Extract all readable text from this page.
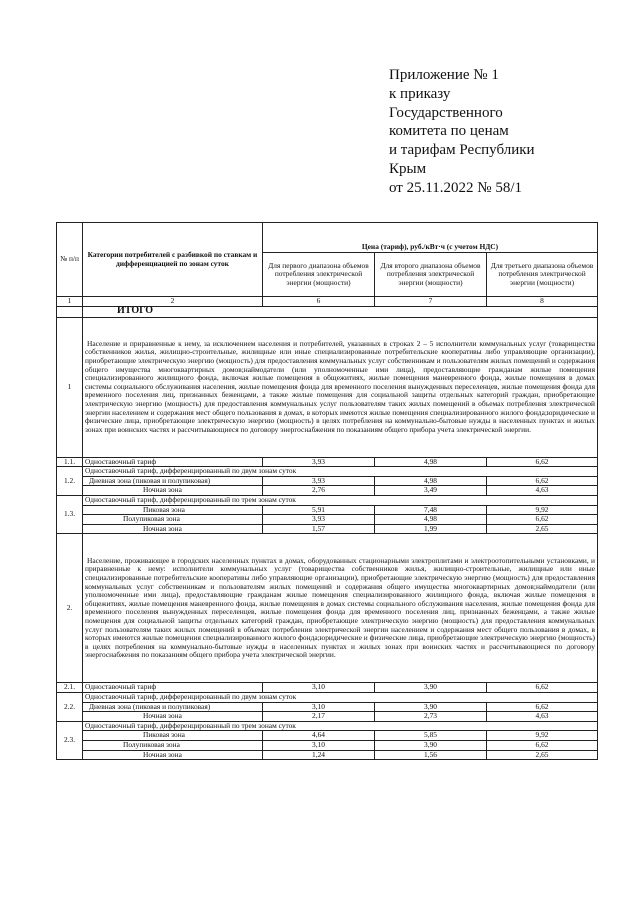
Приложение № 1
к приказу
Государственного
комитета по ценам
и тарифам Республики
Крым
от 25.11.2022 № 58/1
№ п/п	Категории потребителей с разбивкой по ставкам и дифференциацией по зонам суток	Цена (тариф), руб./кВт·ч (с учетом НДС)		
		Для первого диапазона объемов потребления электрической энергии (мощности)	Для второго диапазона объемов потребления электрической энергии (мощности)	Для третьего диапазона объемов потребления электрической энергии (мощности)
1	2	6	7	8
	ИТОГО			
1	Население и приравненные к нему, за исключением населения и потребителей, указанных в строках 2 – 5 исполнители коммунальных услуг (товарищества собственников жилья, жилищно-строительные, жилищные или иные специализированные потребительские кооперативы либо управляющие организации), приобретающие электрическую энергию (мощность) для предоставления коммунальных услуг собственникам и пользователям жилых помещений и содержания общего имущества многоквартирных домов;наймодатели (или уполномоченные ими лица), предоставляющие гражданам жилые помещения специализированного жилищного фонда, включая жилые помещения в общежитиях, жилые помещения маневренного фонда, жилые помещения в домах системы социального обслуживания населения, жилые помещения фонда для временного поселения вынужденных переселенцев, жилые помещения фонда для временного поселения лиц, признанных беженцами, а также жилые помещения для социальной защиты отдельных категорий граждан, приобретающие электрическую энергию (мощность) для предоставления коммунальных услуг пользователям таких жилых помещений в объемах потребления электрической энергии населением и содержания мест общего пользования в домах, в которых имеются жилые помещения специализированного жилого фонда;юридические и физические лица, приобретающие электрическую энергию (мощность) в целях потребления на коммунально-бытовые нужды в населенных пунктах и жилых зонах при воинских частях и рассчитывающиеся по договору энергоснабжения по показаниям общего прибора учета электрической энергии.			
1.1.	Одноставочный тариф	3,93	4,98	6,62
1.2.	Одноставочный тариф, дифференцированный по двум зонам суток			
	Дневная зона (пиковая и полупиковая)	3,93	4,98	6,62
	Ночная зона	2,76	3,49	4,63
1.3.	Одноставочный тариф, дифференцированный по трем зонам суток			
	Пиковая зона	5,91	7,48	9,92
	Полупиковая зона	3,93	4,98	6,62
	Ночная зона	1,57	1,99	2,65
2.	Население, проживающее в городских населенных пунктах в домах, оборудованных стационарными электроплитами и электроотопительными установками, и приравненные к нему: исполнители коммунальных услуг (товарищества собственников жилья, жилищно-строительные, жилищные или иные специализированные потребительские кооперативы либо управляющие организации), приобретающие электрическую энергию (мощность) для предоставления коммунальных услуг собственникам и пользователям жилых помещений и содержания общего имущества многоквартирных домов;наймодатели (или уполномоченные ими лица), предоставляющие гражданам жилые помещения специализированного жилищного фонда, включая жилые помещения в общежитиях, жилые помещения маневренного фонда, жилые помещения в домах системы социального обслуживания населения, жилые помещения фонда для временного поселения вынужденных переселенцев, жилые помещения фонда для временного поселения лиц, признанных беженцами, а также жилые помещения для социальной защиты отдельных категорий граждан, приобретающие электрическую энергию (мощность) для предоставления коммунальных услуг пользователям таких жилых помещений в объемах потребления электрической энергии населением и содержания мест общего пользования в домах, в которых имеются жилые помещения специализированного жилого фонда;юридические и физические лица, приобретающие электрическую энергию (мощность) в целях потребления на коммунально-бытовые нужды в населенных пунктах и жилых зонах при воинских частях и рассчитывающиеся по договору энергоснабжения по показаниям общего прибора учета электрической энергии.			
2.1.	Одноставочный тариф	3,10	3,90	6,62
2.2.	Одноставочный тариф, дифференцированный по двум зонам суток			
	Дневная зона (пиковая и полупиковая)	3,10	3,90	6,62
	Ночная зона	2,17	2,73	4,63
2.3.	Одноставочный тариф, дифференцированный по трем зонам суток			
	Пиковая зона	4,64	5,85	9,92
	Полупиковая зона	3,10	3,90	6,62
	Ночная зона	1,24	1,56	2,65
